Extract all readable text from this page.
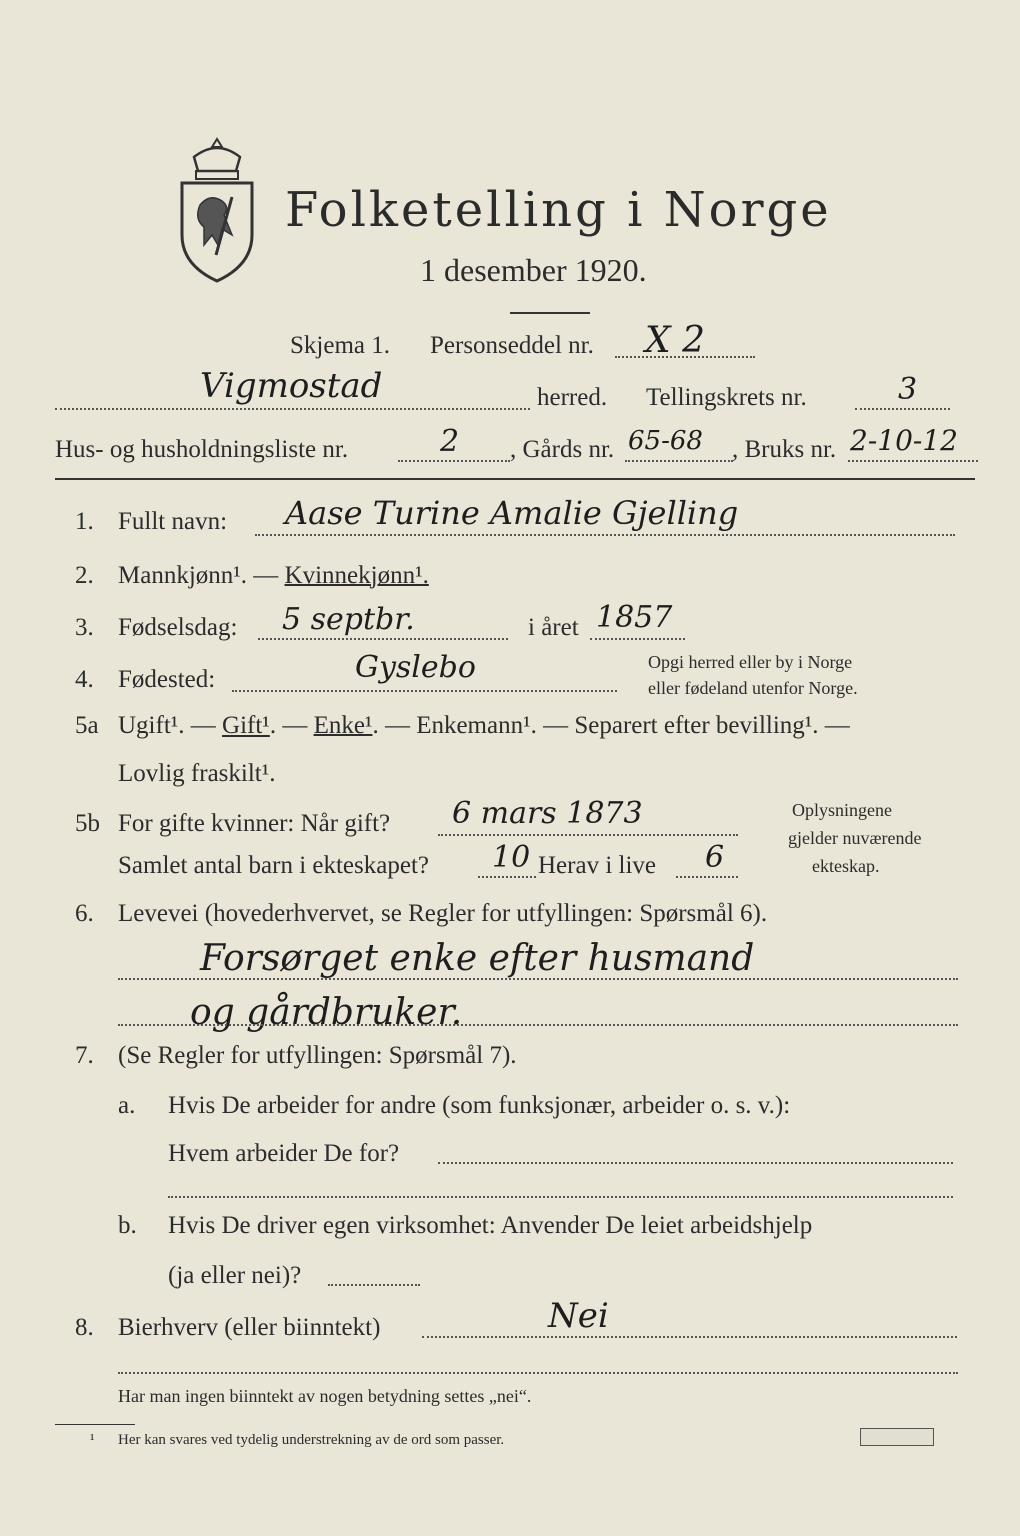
Folketelling i Norge
1 desember 1920.
Skjema 1. Personseddel nr. X 2
Vigmostad	herred. Tellingskrets nr.	3
Hus- og husholdningsliste nr.	2 , Gårds nr. 65-68 , Bruks nr. 2-10-12
1. Fullt navn: Aase Turine Amalie Gjelling
2. Mannkjønn¹. — Kvinnekjønn¹.
3. Fødselsdag: 5 septbr.	i året 1857
4. Fødested:	Gyslebo	Opgi herred eller by i Norge
eller fødeland utenfor Norge.
5a Ugift¹. — Gift¹. — Enke¹. — Enkemann¹. — Separert efter bevilling¹. —
Lovlig fraskilt¹.
5b For gifte kvinner: Når gift? 6 mars 1873	Oplysningene
gjelder nuværende
ekteskap.
Samlet antal barn i ekteskapet? 10 Herav i live 6
6. Levevei (hovederhvervet, se Regler for utfyllingen: Spørsmål 6).
Forsørget enke efter husmand
og gårdbruker.
7. (Se Regler for utfyllingen: Spørsmål 7).
a. Hvis De arbeider for andre (som funksjonær, arbeider o. s. v.):
Hvem arbeider De for?
b. Hvis De driver egen virksomhet: Anvender De leiet arbeidshjelp
(ja eller nei)?
8. Bierhverv (eller biinntekt)	Nei
Har man ingen biinntekt av nogen betydning settes „nei“.
¹ Her kan svares ved tydelig understrekning av de ord som passer.
